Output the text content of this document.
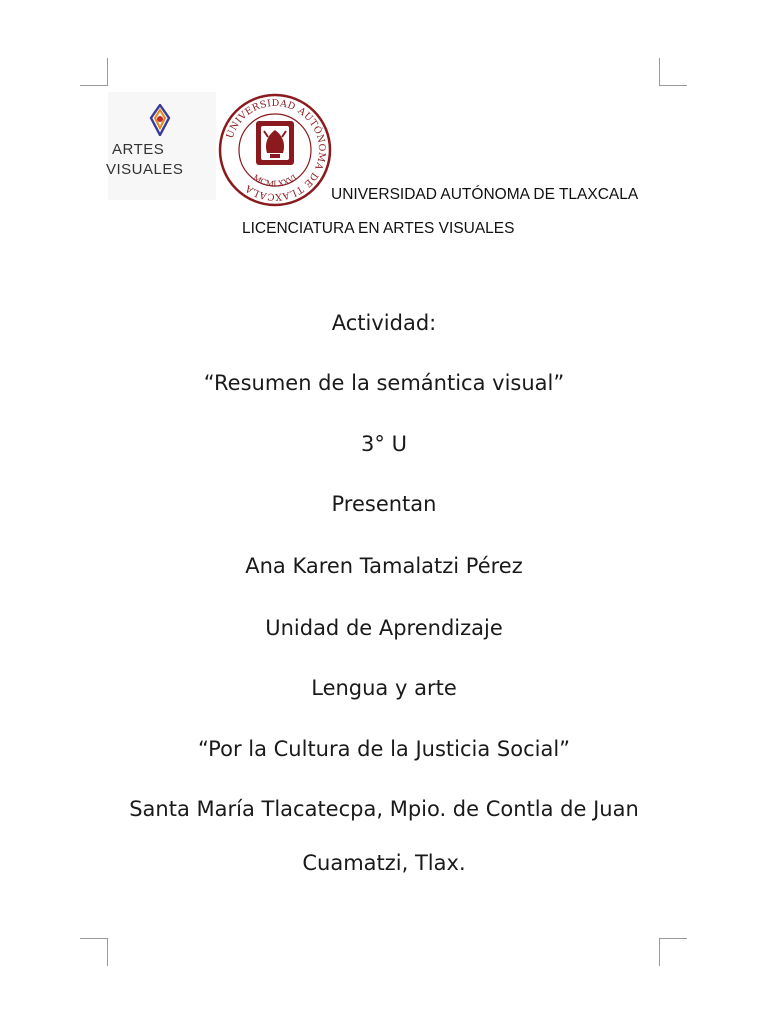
ARTES
VISUALES
UNIVERSIDAD AUTÓNOMA DE TLAXCALA
MCMLXXVI
UNIVERSIDAD AUTÓNOMA DE TLAXCALA
LICENCIATURA EN ARTES VISUALES
Actividad:
“Resumen de la semántica visual”
3° U
Presentan
Ana Karen Tamalatzi Pérez
Unidad de Aprendizaje
Lengua y arte
“Por la Cultura de la Justicia Social”
Santa María Tlacatecpa, Mpio. de Contla de Juan
Cuamatzi, Tlax.
